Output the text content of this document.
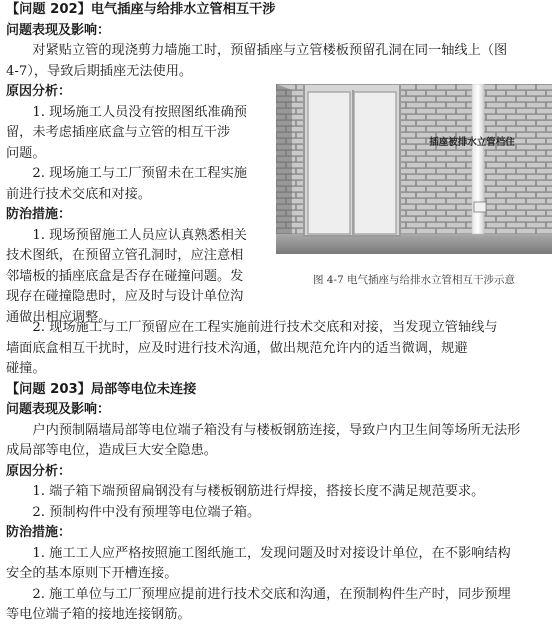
【问题 202】电气插座与给排水立管相互干涉
问题表现及影响：

对紧贴立管的现浇剪力墙施工时，预留插座与立管楼板预留孔洞在同一轴线上（图

4-7），导致后期插座无法使用。

原因分析：

1. 现场施工人员没有按照图纸准确预

留，未考虑插座底盒与立管的相互干涉

问题。

2. 现场施工与工厂预留未在工程实施

前进行技术交底和对接。

防治措施：

1. 现场预留施工人员应认真熟悉相关

技术图纸，在预留立管孔洞时，应注意相

邻墙板的插座底盒是否存在碰撞问题。发

现存在碰撞隐患时，应及时与设计单位沟

通做出相应调整。

插座被排水立管档住
图 4-7 电气插座与给排水立管相互干涉示意

2. 现场施工与工厂预留应在工程实施前进行技术交底和对接，当发现立管轴线与

墙面底盒相互干扰时，应及时进行技术沟通，做出规范允许内的适当微调，规避

碰撞。

【问题 203】局部等电位未连接
问题表现及影响：

户内预制隔墙局部等电位端子箱没有与楼板钢筋连接，导致户内卫生间等场所无法形

成局部等电位，造成巨大安全隐患。

原因分析：

1. 端子箱下端预留扁钢没有与楼板钢筋进行焊接，搭接长度不满足规范要求。

2. 预制构件中没有预埋等电位端子箱。

防治措施：

1. 施工工人应严格按照施工图纸施工，发现问题及时对接设计单位，在不影响结构

安全的基本原则下开槽连接。

2. 施工单位与工厂预埋应提前进行技术交底和沟通，在预制构件生产时，同步预埋

等电位端子箱的接地连接钢筋。
